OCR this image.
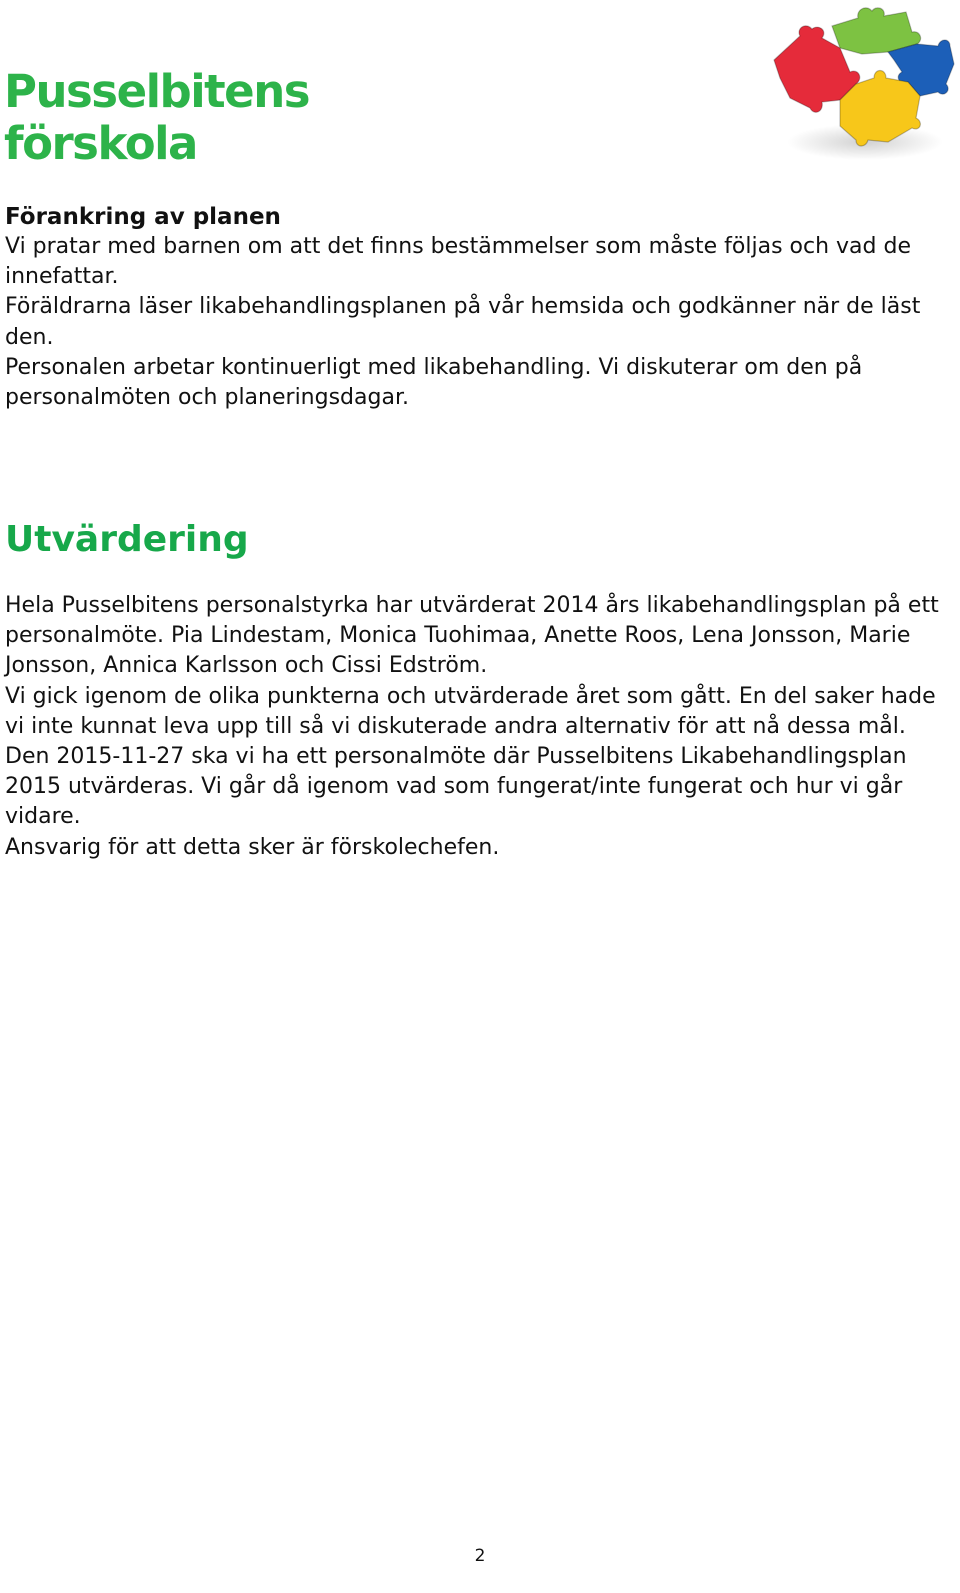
Pusselbitens
förskola
Förankring av planen

Vi pratar med barnen om att det finns bestämmelser som måste följas och vad de

innefattar.

Föräldrarna läser likabehandlingsplanen på vår hemsida och godkänner när de läst

den.

Personalen arbetar kontinuerligt med likabehandling. Vi diskuterar om den på

personalmöten och planeringsdagar.

Utvärdering

Hela Pusselbitens personalstyrka har utvärderat 2014 års likabehandlingsplan på ett

personalmöte. Pia Lindestam, Monica Tuohimaa, Anette Roos, Lena Jonsson, Marie

Jonsson, Annica Karlsson och Cissi Edström.

Vi gick igenom de olika punkterna och utvärderade året som gått. En del saker hade

vi inte kunnat leva upp till så vi diskuterade andra alternativ för att nå dessa mål.

Den 2015-11-27 ska vi ha ett personalmöte där Pusselbitens Likabehandlingsplan

2015 utvärderas. Vi går då igenom vad som fungerat/inte fungerat och hur vi går

vidare.

Ansvarig för att detta sker är förskolechefen.

2
